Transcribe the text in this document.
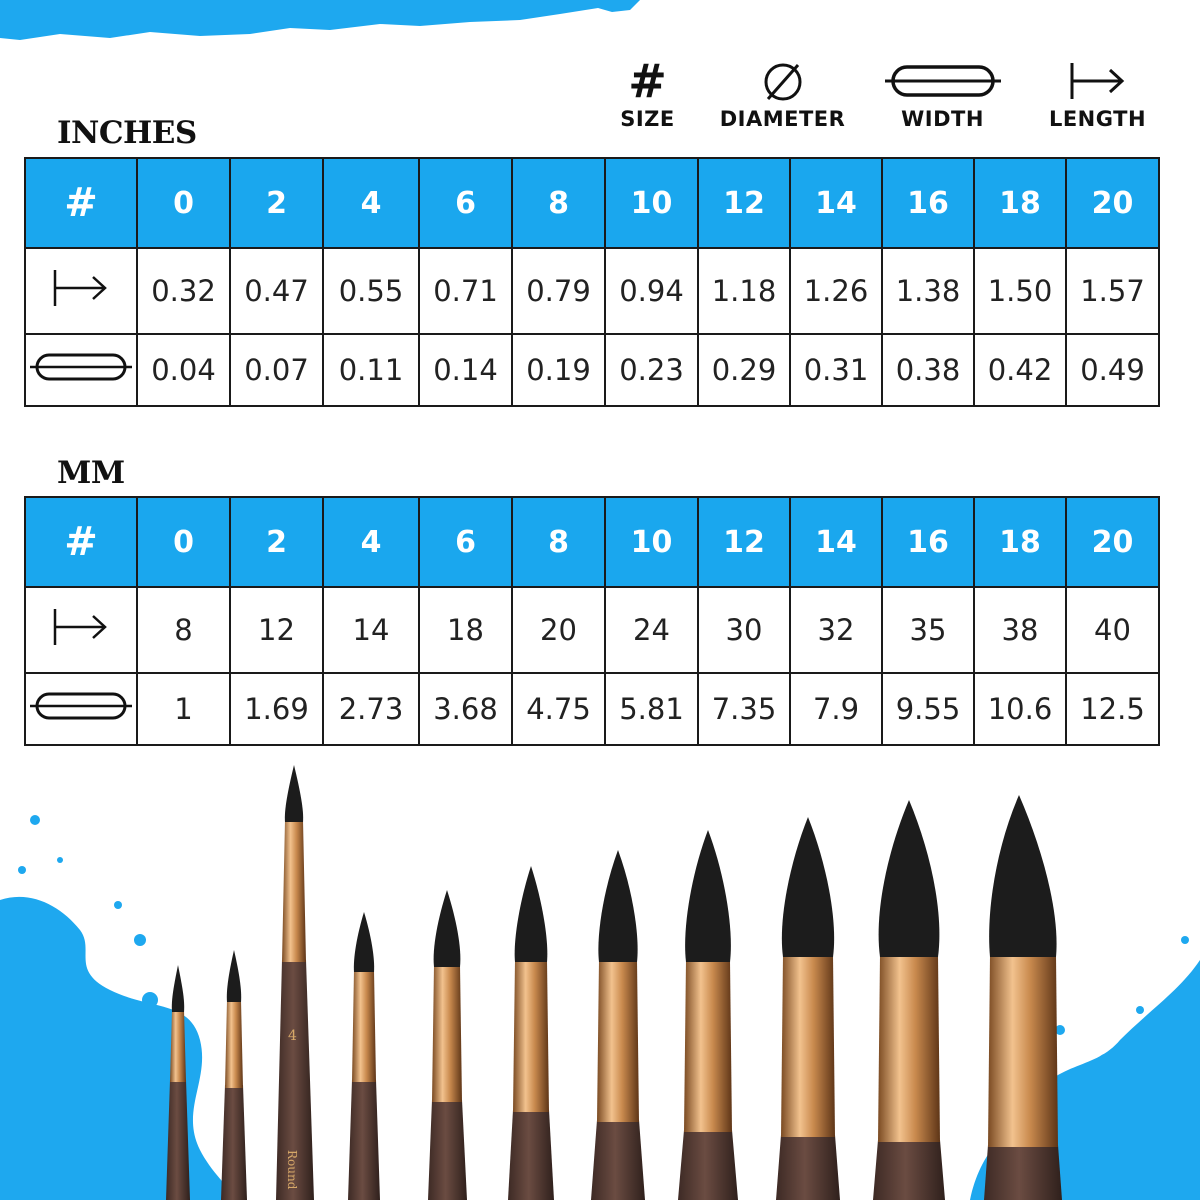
#
SIZE	DIAMETER	WIDTH	LENGTH
INCHES
#	0	2	4	6	8	10	12	14	16	18	20
	0.32	0.47	0.55	0.71	0.79	0.94	1.18	1.26	1.38	1.50	1.57
	0.04	0.07	0.11	0.14	0.19	0.23	0.29	0.31	0.38	0.42	0.49
MM
#	0	2	4	6	8	10	12	14	16	18	20
	8	12	14	18	20	24	30	32	35	38	40
	1	1.69	2.73	3.68	4.75	5.81	7.35	7.9	9.55	10.6	12.5
4
Round
